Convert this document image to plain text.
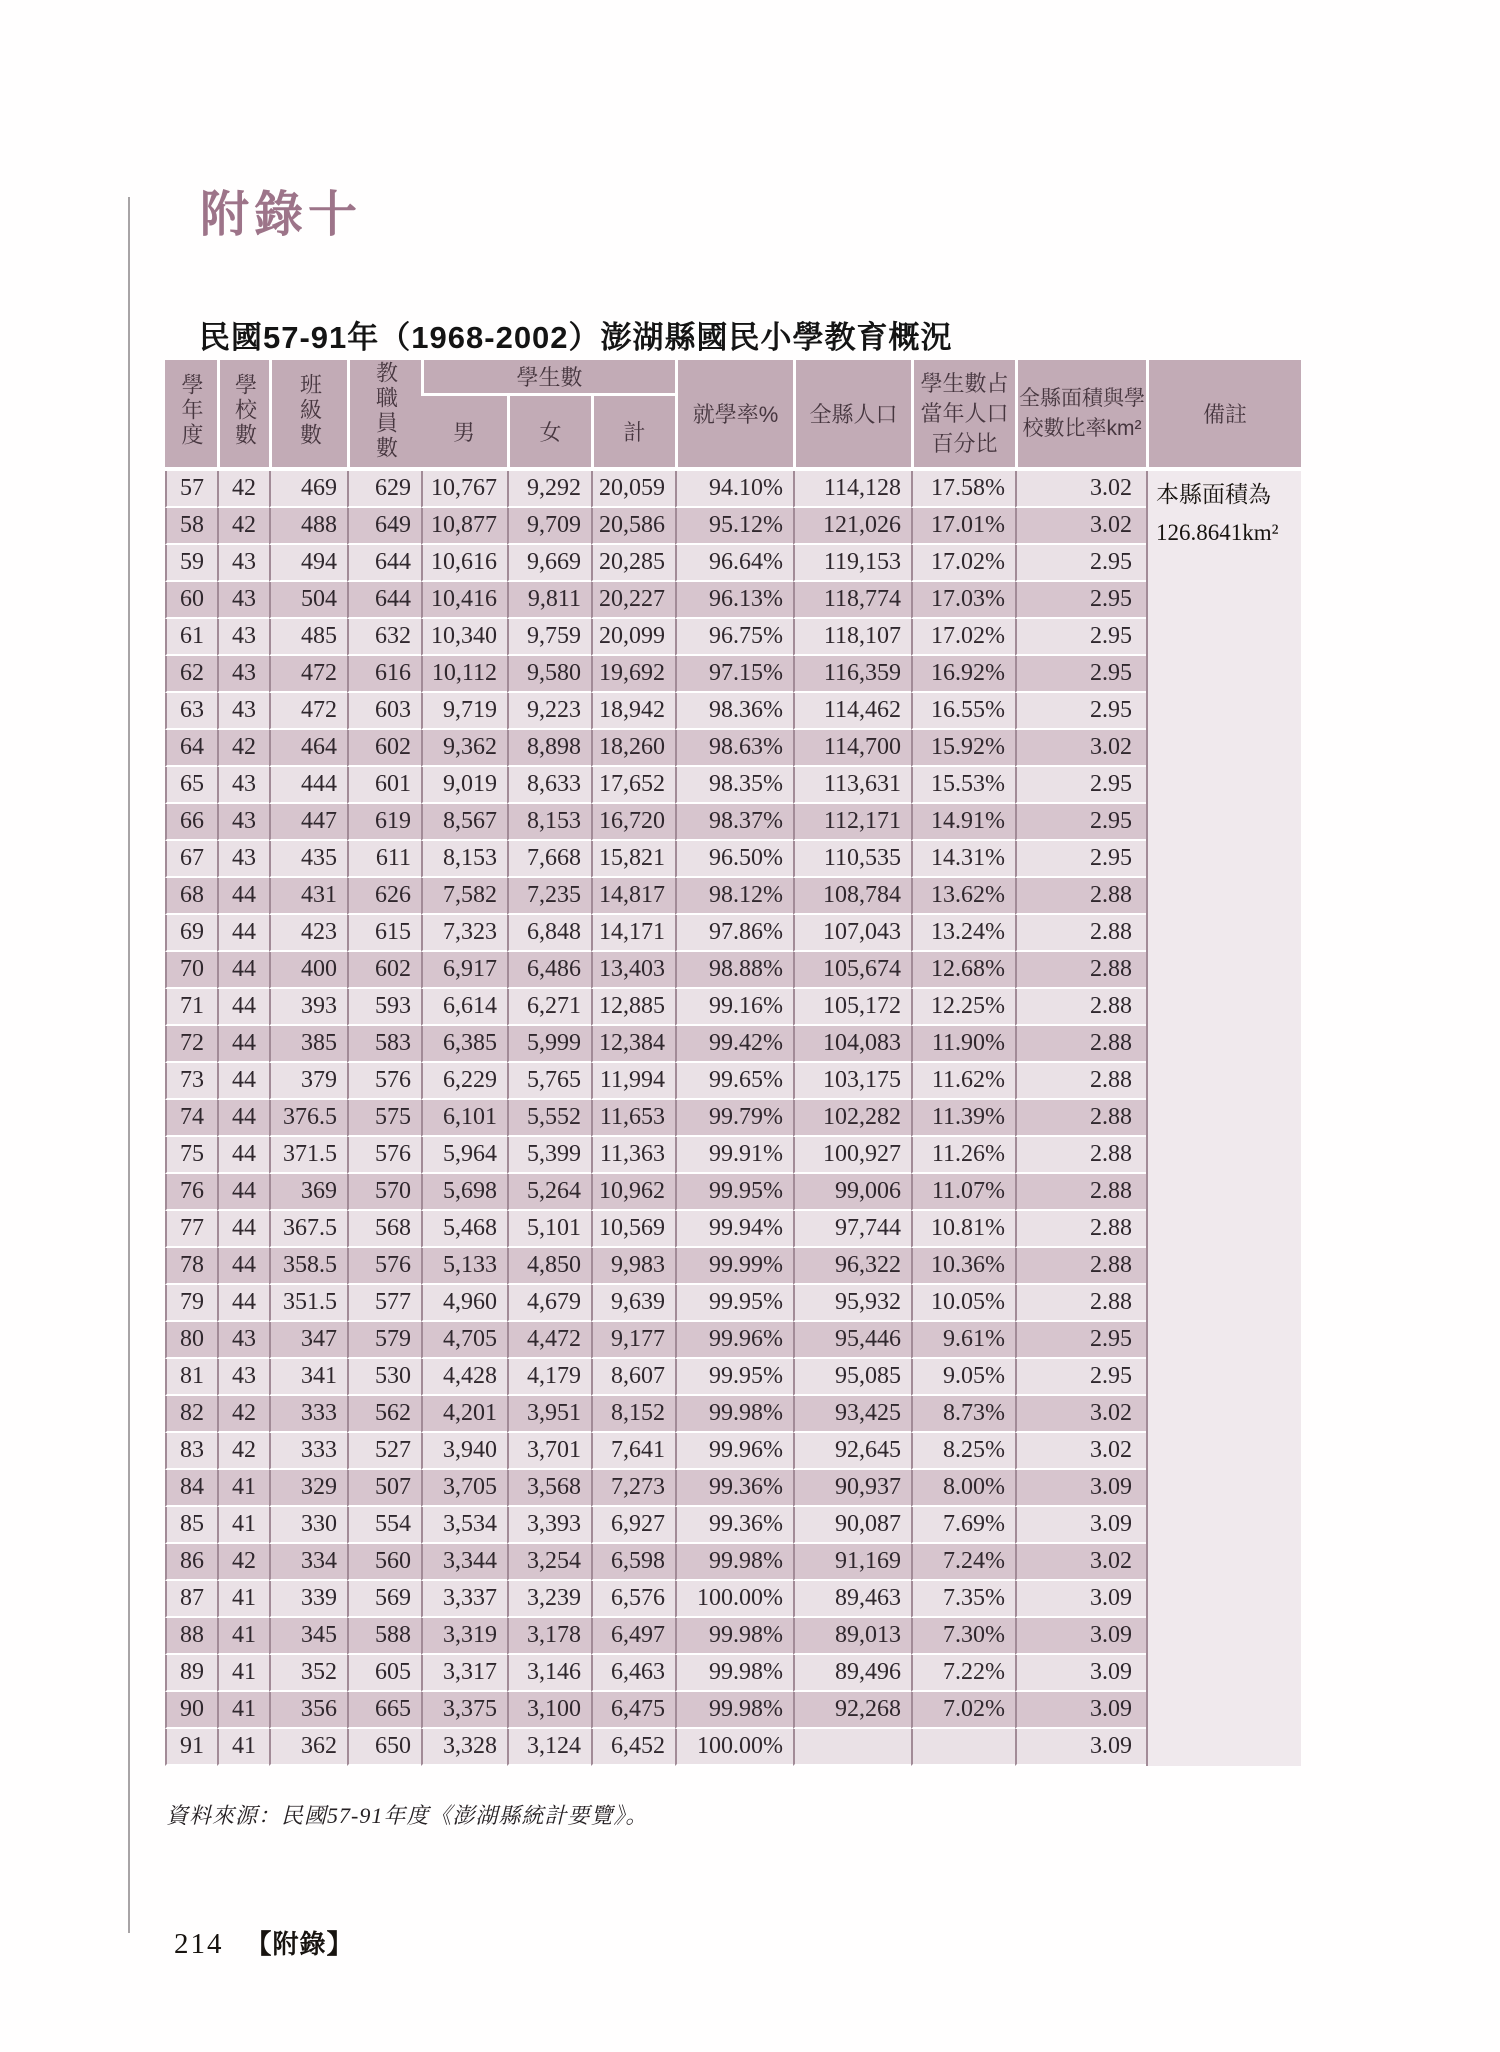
附錄十
民國57-91年（1968-2002）澎湖縣國民小學教育概況
學年度	學校數	班級數	教職員數	學生數			就學率%	全縣人口	學生數占當年人口百分比	全縣面積與學校數比率km²	備註
				男	女	計					
57	42	469	629	10,767	9,292	20,059	94.10%	114,128	17.58%	3.02	本縣面積為
126.8641km²

58	42	488	649	10,877	9,709	20,586	95.12%	121,026	17.01%	3.02	
59	43	494	644	10,616	9,669	20,285	96.64%	119,153	17.02%	2.95	
60	43	504	644	10,416	9,811	20,227	96.13%	118,774	17.03%	2.95	
61	43	485	632	10,340	9,759	20,099	96.75%	118,107	17.02%	2.95	
62	43	472	616	10,112	9,580	19,692	97.15%	116,359	16.92%	2.95	
63	43	472	603	9,719	9,223	18,942	98.36%	114,462	16.55%	2.95	
64	42	464	602	9,362	8,898	18,260	98.63%	114,700	15.92%	3.02	
65	43	444	601	9,019	8,633	17,652	98.35%	113,631	15.53%	2.95	
66	43	447	619	8,567	8,153	16,720	98.37%	112,171	14.91%	2.95	
67	43	435	611	8,153	7,668	15,821	96.50%	110,535	14.31%	2.95	
68	44	431	626	7,582	7,235	14,817	98.12%	108,784	13.62%	2.88	
69	44	423	615	7,323	6,848	14,171	97.86%	107,043	13.24%	2.88	
70	44	400	602	6,917	6,486	13,403	98.88%	105,674	12.68%	2.88	
71	44	393	593	6,614	6,271	12,885	99.16%	105,172	12.25%	2.88	
72	44	385	583	6,385	5,999	12,384	99.42%	104,083	11.90%	2.88	
73	44	379	576	6,229	5,765	11,994	99.65%	103,175	11.62%	2.88	
74	44	376.5	575	6,101	5,552	11,653	99.79%	102,282	11.39%	2.88	
75	44	371.5	576	5,964	5,399	11,363	99.91%	100,927	11.26%	2.88	
76	44	369	570	5,698	5,264	10,962	99.95%	99,006	11.07%	2.88	
77	44	367.5	568	5,468	5,101	10,569	99.94%	97,744	10.81%	2.88	
78	44	358.5	576	5,133	4,850	9,983	99.99%	96,322	10.36%	2.88	
79	44	351.5	577	4,960	4,679	9,639	99.95%	95,932	10.05%	2.88	
80	43	347	579	4,705	4,472	9,177	99.96%	95,446	9.61%	2.95	
81	43	341	530	4,428	4,179	8,607	99.95%	95,085	9.05%	2.95	
82	42	333	562	4,201	3,951	8,152	99.98%	93,425	8.73%	3.02	
83	42	333	527	3,940	3,701	7,641	99.96%	92,645	8.25%	3.02	
84	41	329	507	3,705	3,568	7,273	99.36%	90,937	8.00%	3.09	
85	41	330	554	3,534	3,393	6,927	99.36%	90,087	7.69%	3.09	
86	42	334	560	3,344	3,254	6,598	99.98%	91,169	7.24%	3.02	
87	41	339	569	3,337	3,239	6,576	100.00%	89,463	7.35%	3.09	
88	41	345	588	3,319	3,178	6,497	99.98%	89,013	7.30%	3.09	
89	41	352	605	3,317	3,146	6,463	99.98%	89,496	7.22%	3.09	
90	41	356	665	3,375	3,100	6,475	99.98%	92,268	7.02%	3.09	
91	41	362	650	3,328	3,124	6,452	100.00%			3.09	

資料來源：民國57-91年度《澎湖縣統計要覽》。

214 【附錄】
